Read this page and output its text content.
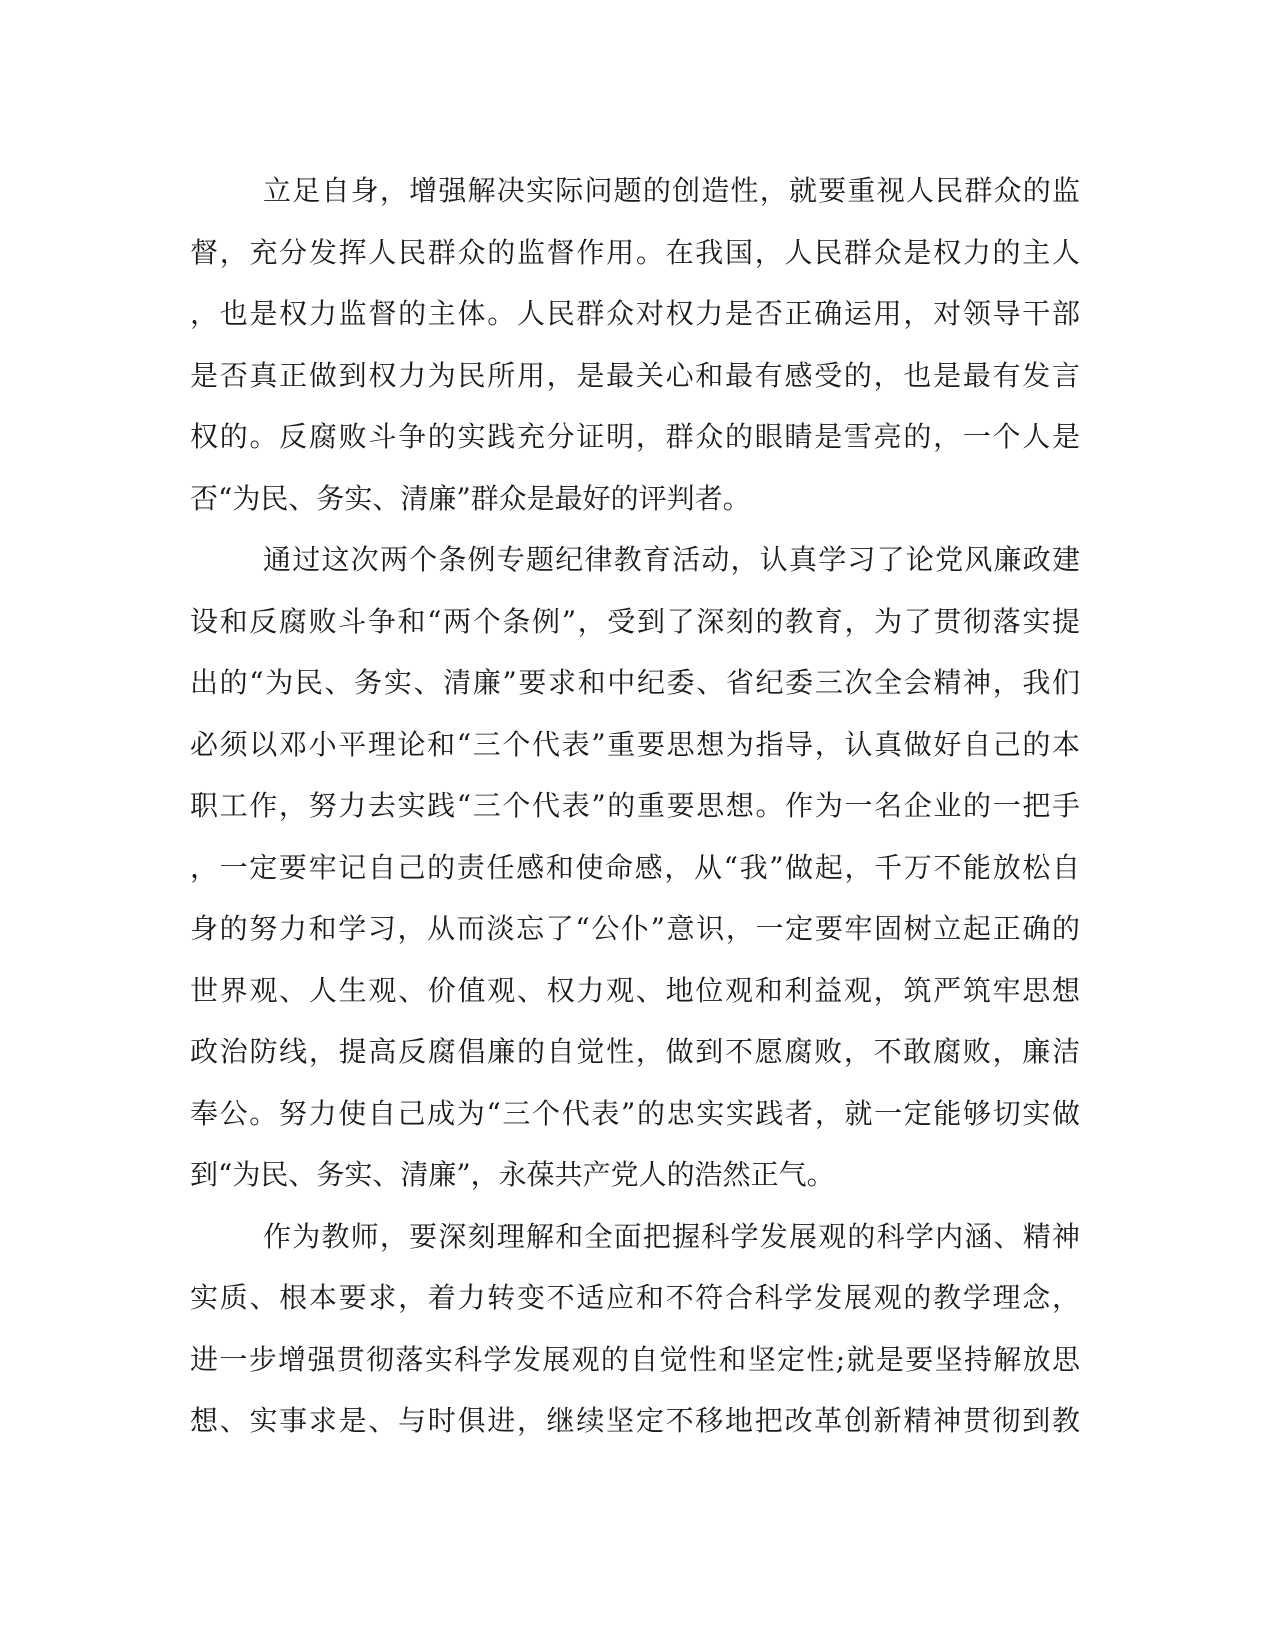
立足自身，增强解决实际问题的创造性，就要重视人民群众的监
督，充分发挥人民群众的监督作用。在我国，人民群众是权力的主人
，也是权力监督的主体。人民群众对权力是否正确运用，对领导干部
是否真正做到权力为民所用，是最关心和最有感受的，也是最有发言
权的。反腐败斗争的实践充分证明，群众的眼睛是雪亮的，一个人是
否“为民、务实、清廉”群众是最好的评判者。
通过这次两个条例专题纪律教育活动，认真学习了论党风廉政建
设和反腐败斗争和“两个条例”，受到了深刻的教育，为了贯彻落实提
出的“为民、务实、清廉”要求和中纪委、省纪委三次全会精神，我们
必须以邓小平理论和“三个代表”重要思想为指导，认真做好自己的本
职工作，努力去实践“三个代表”的重要思想。作为一名企业的一把手
，一定要牢记自己的责任感和使命感，从“我”做起，千万不能放松自
身的努力和学习，从而淡忘了“公仆”意识，一定要牢固树立起正确的
世界观、人生观、价值观、权力观、地位观和利益观，筑严筑牢思想
政治防线，提高反腐倡廉的自觉性，做到不愿腐败，不敢腐败，廉洁
奉公。努力使自己成为“三个代表”的忠实实践者，就一定能够切实做
到“为民、务实、清廉”，永葆共产党人的浩然正气。
作为教师，要深刻理解和全面把握科学发展观的科学内涵、精神
实质、根本要求，着力转变不适应和不符合科学发展观的教学理念，
进一步增强贯彻落实科学发展观的自觉性和坚定性;就是要坚持解放思
想、实事求是、与时俱进，继续坚定不移地把改革创新精神贯彻到教
